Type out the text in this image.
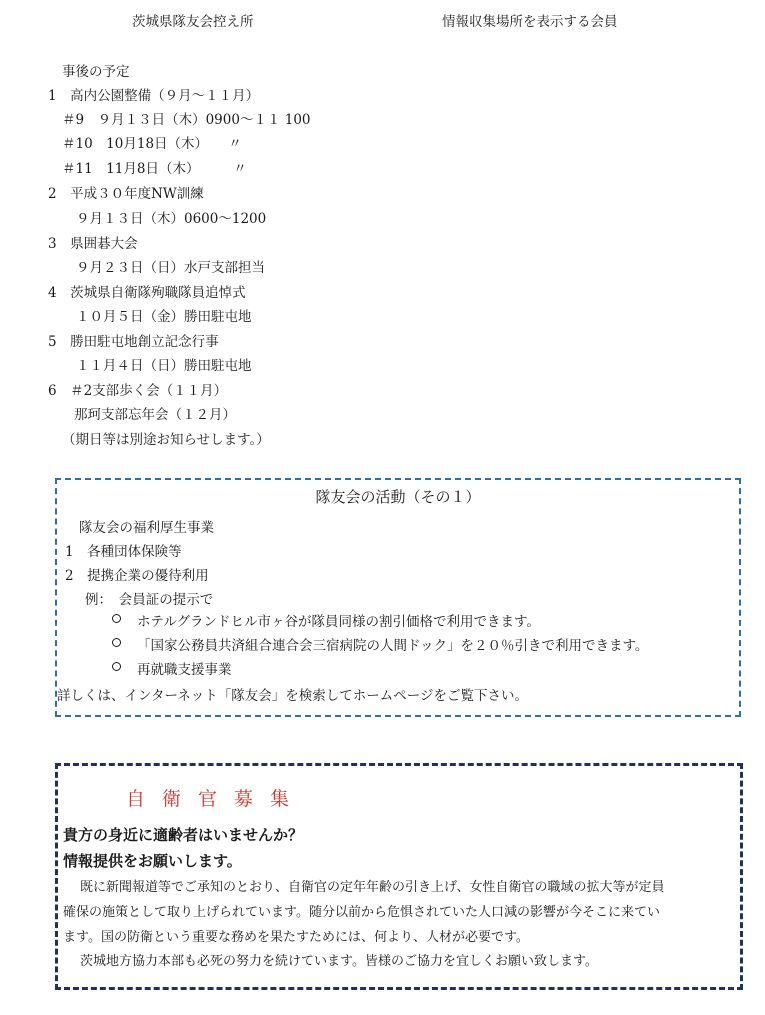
茨城県隊友会控え所	情報収集場所を表示する会員
事後の予定
1　高内公園整備（９月～１１月）
＃9　９月１３日（木）0900～１１ 100
＃10　10月18日（木）　　〃
＃11　11月8日（木）　　　〃
2　平成３０年度NW訓練
９月１３日（木）0600～1200
3　県囲碁大会
９月２３日（日）水戸支部担当
4　茨城県自衛隊殉職隊員追悼式
１０月５日（金）勝田駐屯地
5　勝田駐屯地創立記念行事
１１月４日（日）勝田駐屯地
6　＃2支部歩く会（１１月）
那珂支部忘年会（１２月）
（期日等は別途お知らせします。）
隊友会の活動（その１）
隊友会の福利厚生事業
1　各種団体保険等
2　提携企業の優待利用
例：　会員証の提示で
ホテルグランドヒル市ヶ谷が隊員同様の割引価格で利用できます。
「国家公務員共済組合連合会三宿病院の人間ドック」を２０％引きで利用できます。
再就職支援事業
詳しくは、インターネット「隊友会」を検索してホームページをご覧下さい。
自衛官募集
貴方の身近に適齢者はいませんか？
情報提供をお願いします。
既に新聞報道等でご承知のとおり、自衛官の定年年齢の引き上げ、女性自衛官の職域の拡大等が定員
確保の施策として取り上げられています。随分以前から危惧されていた人口減の影響が今そこに来てい
ます。国の防衛という重要な務めを果たすためには、何より、人材が必要です。
茨城地方協力本部も必死の努力を続けています。皆様のご協力を宜しくお願い致します。
